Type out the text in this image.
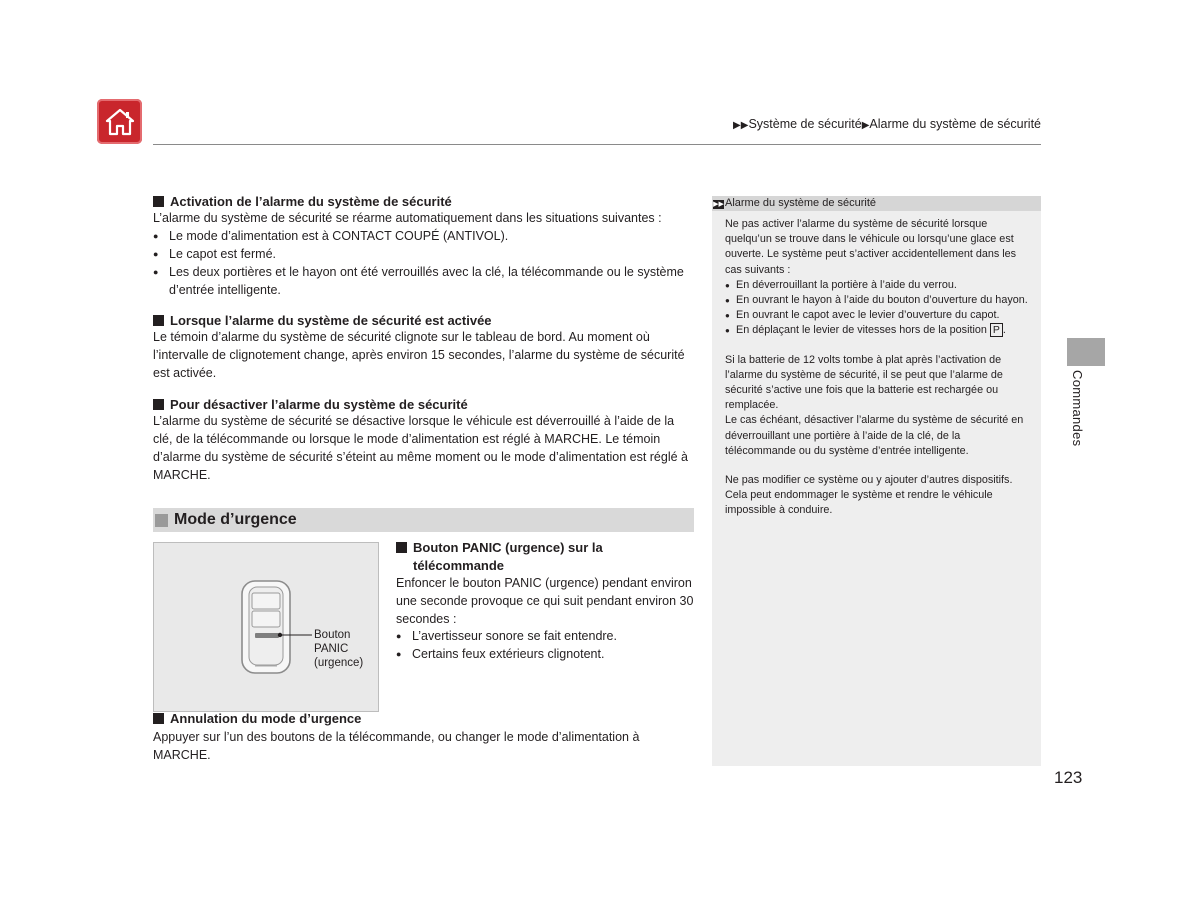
▶▶Système de sécurité▶Alarme du système de sécurité
Activation de l’alarme du système de sécurité
L’alarme du système de sécurité se réarme automatiquement dans les situations suivantes :
● Le mode d’alimentation est à CONTACT COUPÉ (ANTIVOL).
● Le capot est fermé.
● Les deux portières et le hayon ont été verrouillés avec la clé, la télécommande ou le système d’entrée intelligente.
Lorsque l’alarme du système de sécurité est activée
Le témoin d’alarme du système de sécurité clignote sur le tableau de bord. Au moment où l’intervalle de clignotement change, après environ 15 secondes, l’alarme du système de sécurité est activée.
Pour désactiver l’alarme du système de sécurité
L’alarme du système de sécurité se désactive lorsque le véhicule est déverrouillé à l’aide de la clé, de la télécommande ou lorsque le mode d’alimentation est réglé à MARCHE. Le témoin d’alarme du système de sécurité s’éteint au même moment ou le mode d’alimentation est réglé à MARCHE.
Mode d’urgence
Bouton
PANIC
(urgence)
Bouton PANIC (urgence) sur la
télécommande
Enfoncer le bouton PANIC (urgence) pendant environ une seconde provoque ce qui suit pendant environ 30 secondes :
● L’avertisseur sonore se fait entendre.
● Certains feux extérieurs clignotent.
Annulation du mode d’urgence
Appuyer sur l’un des boutons de la télécommande, ou changer le mode d’alimentation à MARCHE.
▶▶Alarme du système de sécurité
Ne pas activer l’alarme du système de sécurité lorsque quelqu’un se trouve dans le véhicule ou lorsqu’une glace est ouverte. Le système peut s’activer accidentellement dans les cas suivants :
● En déverrouillant la portière à l’aide du verrou.
● En ouvrant le hayon à l’aide du bouton d’ouverture du hayon.
● En ouvrant le capot avec le levier d’ouverture du capot.
● En déplaçant le levier de vitesses hors de la position P .
Si la batterie de 12 volts tombe à plat après l’activation de l’alarme du système de sécurité, il se peut que l’alarme de sécurité s’active une fois que la batterie est rechargée ou remplacée.
Le cas échéant, désactiver l’alarme du système de sécurité en déverrouillant une portière à l’aide de la clé, de la télécommande ou du système d’entrée intelligente.
Ne pas modifier ce système ou y ajouter d’autres dispositifs. Cela peut endommager le système et rendre le véhicule impossible à conduire.
Commandes
123
